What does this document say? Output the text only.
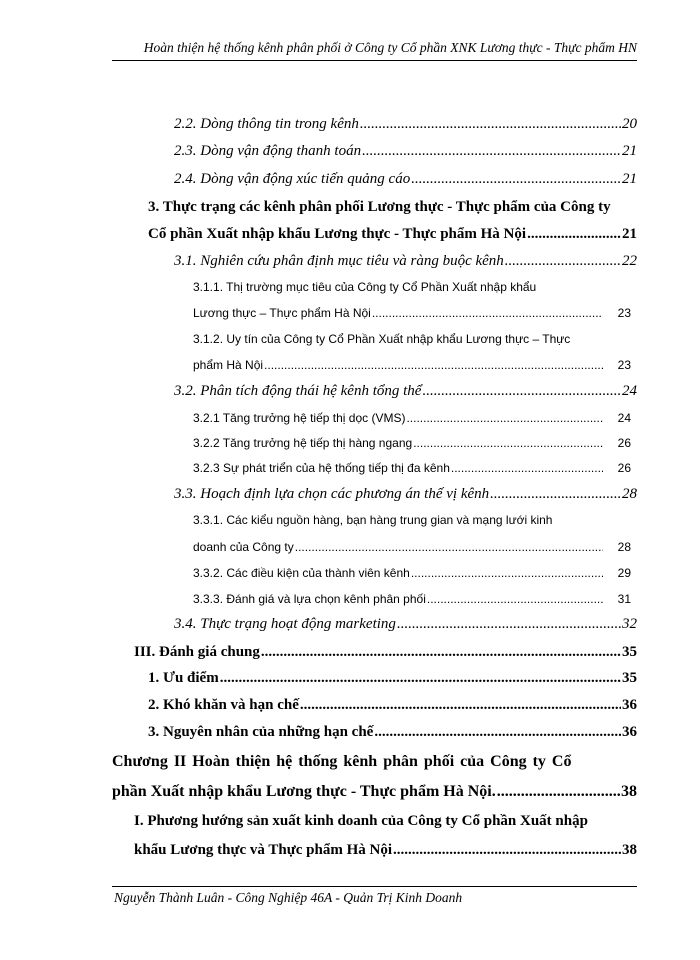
Hoàn thiện hệ thống kênh phân phối ở Công ty Cổ phần XNK Lương thực - Thực phẩm HN
2.2. Dòng thông tin trong kênh .....	20
2.3. Dòng vận động thanh toán .....	21
2.4. Dòng vận động xúc tiến quảng cáo .....	21
3. Thực trạng các kênh phân phối Lương thực - Thực phẩm của Công ty
Cổ phần Xuất nhập khẩu Lương thực - Thực phẩm Hà Nội .....	21
3.1. Nghiên cứu phân định mục tiêu và ràng buộc kênh .....	22
3.1.1. Thị trường mục tiêu của Công ty Cổ Phần Xuất nhập khẩu
Lương thực – Thực phẩm Hà Nội .....	23
3.1.2. Uy tín của Công ty Cổ Phần Xuất nhập khẩu Lương thực – Thực
phẩm Hà Nội .....	23
3.2. Phân tích động thái hệ kênh tổng thể .....	24
3.2.1 Tăng trưởng hệ tiếp thị dọc (VMS) .....	24
3.2.2 Tăng trưởng hệ tiếp thị hàng ngang .....	26
3.2.3 Sự phát triển của hệ thống tiếp thị đa kênh .....	26
3.3. Hoạch định lựa chọn các phương án thế vị kênh .....	28
3.3.1. Các kiểu nguồn hàng, bạn hàng trung gian và mạng lưới kinh
doanh của Công ty .....	28
3.3.2. Các điều kiện của thành viên kênh .....	29
3.3.3. Đánh giá và lựa chọn kênh phân phối .....	31
3.4. Thực trạng hoạt động marketing .....	32
III. Đánh giá chung .....	35
1. Ưu điểm .....	35
2. Khó khăn và hạn chế .....	36
3. Nguyên nhân của những hạn chế .....	36
Chương II Hoàn thiện hệ thống kênh phân phối của Công ty Cổ
phần Xuất nhập khẩu Lương thực - Thực phẩm Hà Nội. .....	38
I. Phương hướng sản xuất kinh doanh của Công ty Cổ phần Xuất nhập
khẩu Lương thực và Thực phẩm Hà Nội .....	38
Nguyễn Thành Luân - Công Nghiệp 46A - Quản Trị Kinh Doanh
